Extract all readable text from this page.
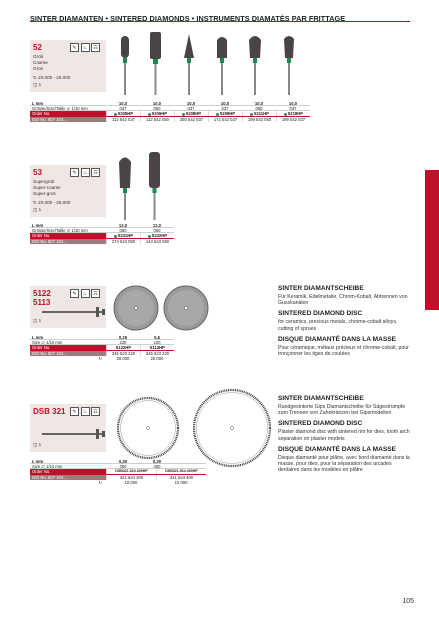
SINTER DIAMANTEN • SINTERED DIAMONDS • INSTRUMENTS DIAMATÉS PAR FRITTAGE
52	✎	♨	☶
Grob
Coarse
Gros
↻ 20.000 - 25.000
◫ 1
L mm	10,0	10,0	10,0	10,0	10,0	10,0
Grösse/Size/Taille ∅ 1/10 mm	037	050	037	037	050	037
Order No.	5205HP	5206HP	5208HP	5209HP	5211HP	5218HP
ISO No. 807 104...	112 542 037	112 542 050	250 542 037	172 542 037	199 542 050	199 542 037
53	✎	♨	☶
Supergrob
Super-coarse
Super-gros
↻ 20.000 - 25.000
◫ 1
L mm	12,0	12,0
Grösse/Size/Taille ∅ 1/10 mm	050	050
Order No.	5331HP	5332HP
ISO No. 807 104...	274 543 050	143 543 050
5122
5113
✎	♨	☶
◫ 1
L mm	0,25	0,6
Size ∅ 1/10 mm	220	220
Order No.	5122HP	5113HP
ISO No. 807 104...	345 523 220	345 523 220
↻	20.000	20.000
SINTER DIAMANTSCHEIBE

Für Keramik, Edelmetalle, Chrom-Kobalt, Abtrennen von Gusskanälen

SINTERED DIAMOND DISC

for ceramics, precious metals, chrome-cobalt alloys, cutting of sprues

DISQUE DIAMANTÉ DANS LA MASSE

Pour céramique, métaux précieux et chrome-cobalt, pour tronçonner les tiges de coulées

DSB 321	✎	♨	☶
◫ 1
L mm	0,30	0,30
Size ∅ 1/10 mm	300	400
Order No.	DSB321.524.300HP	DSB321.524.400HP
ISO No. 807 104...	321 524 300	321 524 400
↻	10.000	10.000
SINTER DIAMANTSCHEIBE

Randgesinterte Gips Diamantscheibe für Sägestrümpfe zum Trennen von Zahnkränzen bei Gipsmodellen

SINTERED DIAMOND DISC

Plaster diamond disc with sintered rim for dies, tooth arch separation on plaster models

DISQUE DIAMANTÉ DANS LA MASSE

Disque diamanté pour plâtre, avec bord diamanté dans la masse, pour dies, pour la séparation des arcades dentaires dans les modèles en plâtre

105
